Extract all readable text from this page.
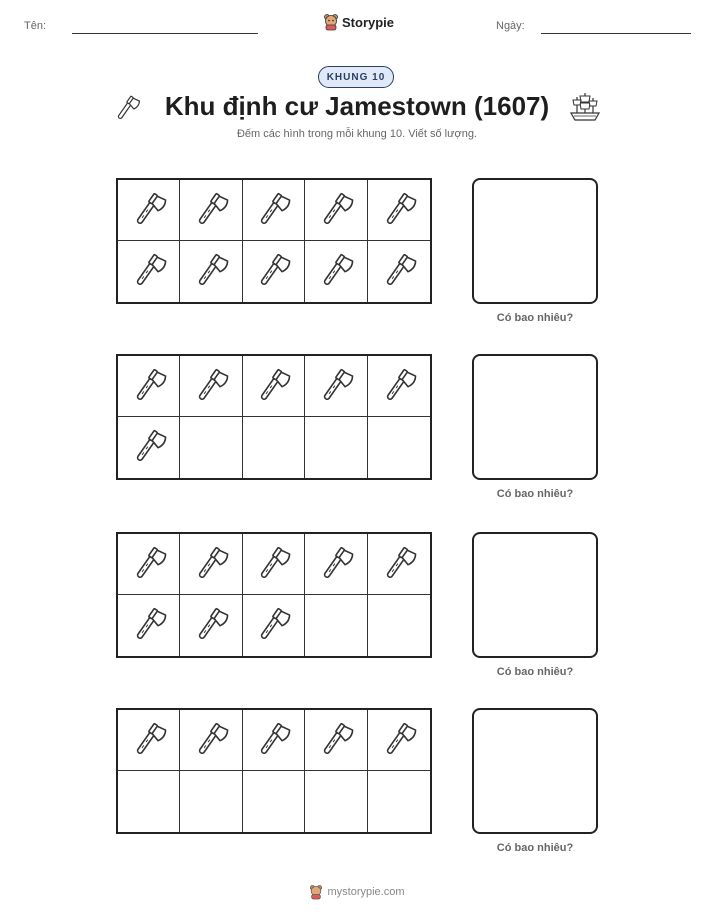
Tên:	Ngày:
Storypie
KHUNG 10
Khu định cư Jamestown (1607)
Đếm các hình trong mỗi khung 10. Viết số lượng.
Có bao nhiêu?
Có bao nhiêu?
Có bao nhiêu?
Có bao nhiêu?
mystorypie.com
